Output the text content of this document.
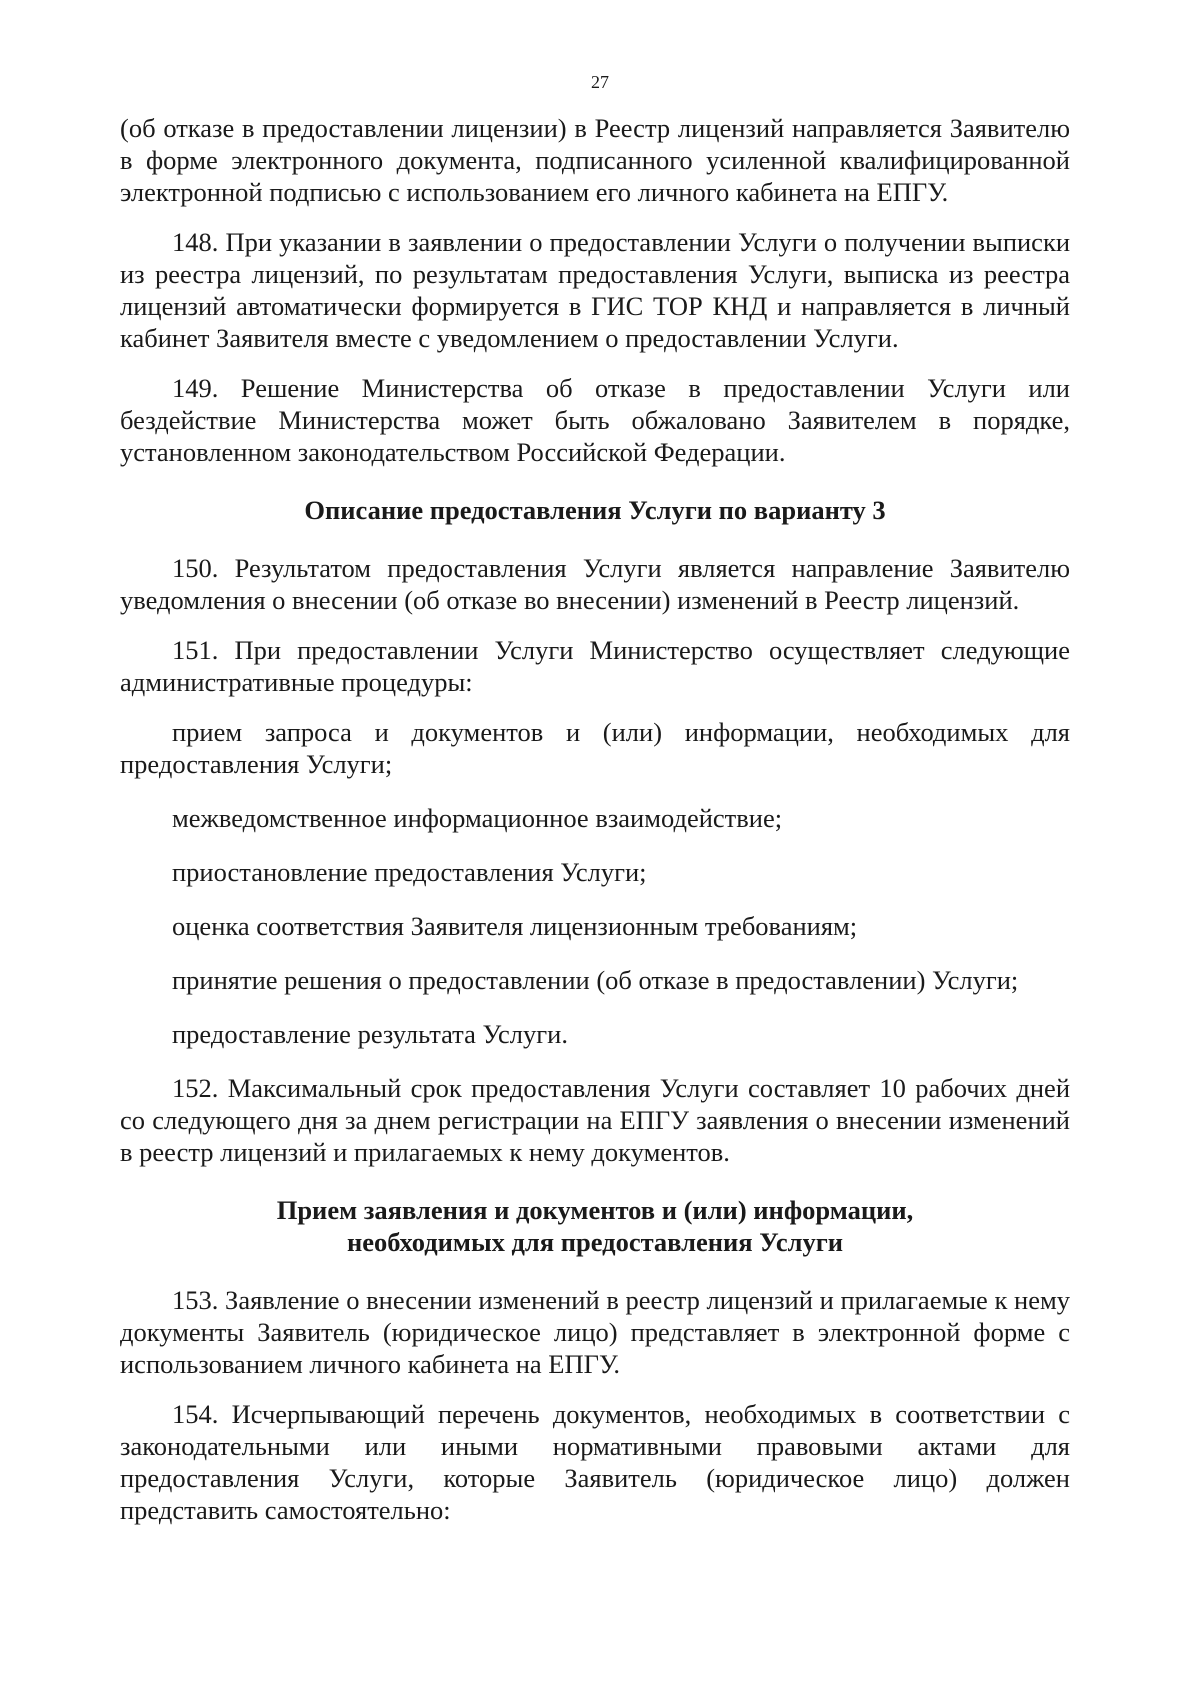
27

(об отказе в предоставлении лицензии) в Реестр лицензий направляется Заявителю в форме электронного документа, подписанного усиленной квалифицированной электронной подписью с использованием его личного кабинета на ЕПГУ.

148. При указании в заявлении о предоставлении Услуги о получении выписки из реестра лицензий, по результатам предоставления Услуги, выписка из реестра лицензий автоматически формируется в ГИС ТОР КНД и направляется в личный кабинет Заявителя вместе с уведомлением о предоставлении Услуги.

149. Решение Министерства об отказе в предоставлении Услуги или бездействие Министерства может быть обжаловано Заявителем в порядке, установленном законодательством Российской Федерации.

Описание предоставления Услуги по варианту 3

150. Результатом предоставления Услуги является направление Заявителю уведомления о внесении (об отказе во внесении) изменений в Реестр лицензий.

151. При предоставлении Услуги Министерство осуществляет следующие административные процедуры:

прием запроса и документов и (или) информации, необходимых для предоставления Услуги;

межведомственное информационное взаимодействие;

приостановление предоставления Услуги;

оценка соответствия Заявителя лицензионным требованиям;

принятие решения о предоставлении (об отказе в предоставлении) Услуги;

предоставление результата Услуги.

152. Максимальный срок предоставления Услуги составляет 10 рабочих дней со следующего дня за днем регистрации на ЕПГУ заявления о внесении изменений в реестр лицензий и прилагаемых к нему документов.

Прием заявления и документов и (или) информации,
необходимых для предоставления Услуги

153. Заявление о внесении изменений в реестр лицензий и прилагаемые к нему документы Заявитель (юридическое лицо) представляет в электронной форме с использованием личного кабинета на ЕПГУ.

154. Исчерпывающий перечень документов, необходимых в соответствии с законодательными или иными нормативными правовыми актами для предоставления Услуги, которые Заявитель (юридическое лицо) должен представить самостоятельно:
